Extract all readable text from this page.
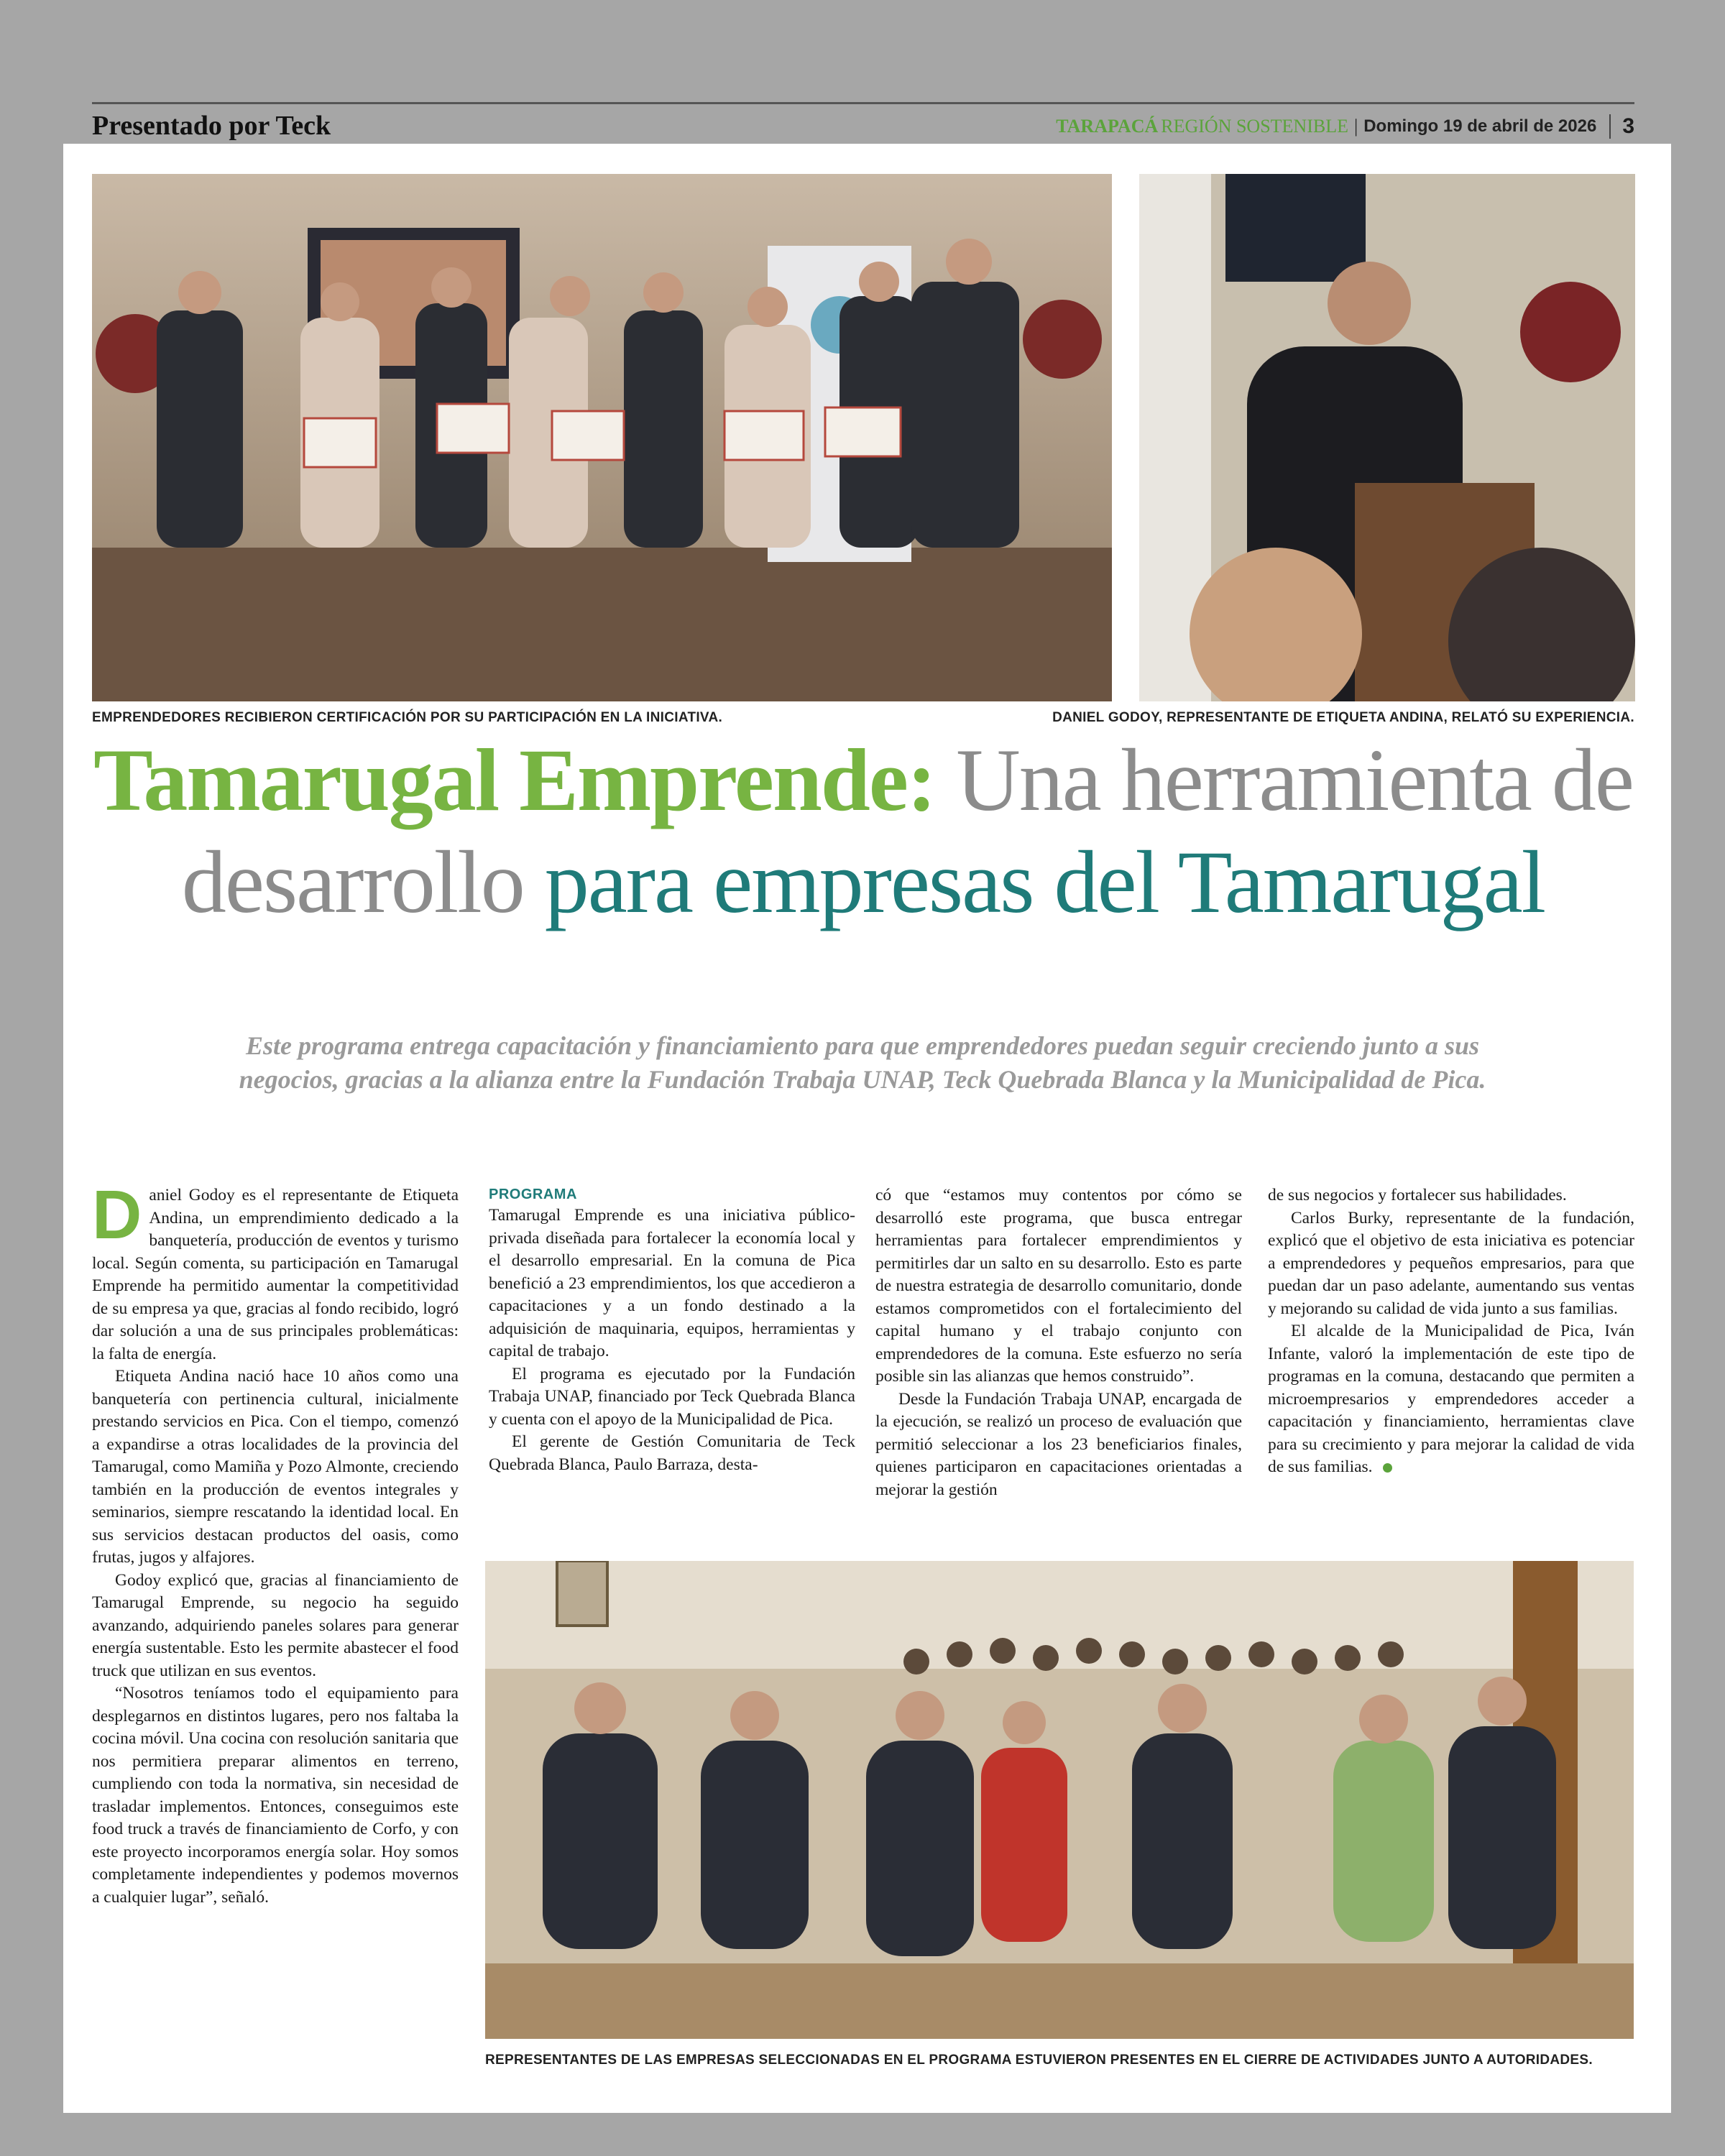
Presentado por Teck	TARAPACÁ REGIÓN SOSTENIBLE | Domingo 19 de abril de 2026	3
EMPRENDEDORES RECIBIERON CERTIFICACIÓN POR SU PARTICIPACIÓN EN LA INICIATIVA.	DANIEL GODOY, REPRESENTANTE DE ETIQUETA ANDINA, RELATÓ SU EXPERIENCIA.
Tamarugal Emprende: Una herramienta de desarrollo para empresas del Tamarugal
Este programa entrega capacitación y financiamiento para que emprendedores puedan seguir creciendo junto a sus negocios, gracias a la alianza entre la Fundación Trabaja UNAP, Teck Quebrada Blanca y la Municipalidad de Pica.

Daniel Godoy es el representante de Etiqueta Andina, un emprendimiento dedicado a la banquetería, producción de eventos y turismo local. Según comenta, su participación en Tamarugal Emprende ha permitido aumentar la competitividad de su empresa ya que, gracias al fondo recibido, logró dar solución a una de sus principales problemáticas: la falta de energía.

Etiqueta Andina nació hace 10 años como una banquetería con pertinencia cultural, inicialmente prestando servicios en Pica. Con el tiempo, comenzó a expandirse a otras localidades de la provincia del Tamarugal, como Mamiña y Pozo Almonte, creciendo también en la producción de eventos integrales y seminarios, siempre rescatando la identidad local. En sus servicios destacan productos del oasis, como frutas, jugos y alfajores.

Godoy explicó que, gracias al financiamiento de Tamarugal Emprende, su negocio ha seguido avanzando, adquiriendo paneles solares para generar energía sustentable. Esto les permite abastecer el food truck que utilizan en sus eventos.

“Nosotros teníamos todo el equipamiento para desplegarnos en distintos lugares, pero nos faltaba la cocina móvil. Una cocina con resolución sanitaria que nos permitiera preparar alimentos en terreno, cumpliendo con toda la normativa, sin necesidad de trasladar implementos. Entonces, conseguimos este food truck a través de financiamiento de Corfo, y con este proyecto incorporamos energía solar. Hoy somos completamente independientes y podemos movernos a cualquier lugar”, señaló.

PROGRAMA

Tamarugal Emprende es una iniciativa público-privada diseñada para fortalecer la economía local y el desarrollo empresarial. En la comuna de Pica benefició a 23 emprendimientos, los que accedieron a capacitaciones y a un fondo destinado a la adquisición de maquinaria, equipos, herramientas y capital de trabajo.

El programa es ejecutado por la Fundación Trabaja UNAP, financiado por Teck Quebrada Blanca y cuenta con el apoyo de la Municipalidad de Pica.

El gerente de Gestión Comunitaria de Teck Quebrada Blanca, Paulo Barraza, desta-

có que “estamos muy contentos por cómo se desarrolló este programa, que busca entregar herramientas para fortalecer emprendimientos y permitirles dar un salto en su desarrollo. Esto es parte de nuestra estrategia de desarrollo comunitario, donde estamos comprometidos con el fortalecimiento del capital humano y el trabajo conjunto con emprendedores de la comuna. Este esfuerzo no sería posible sin las alianzas que hemos construido”.

Desde la Fundación Trabaja UNAP, encargada de la ejecución, se realizó un proceso de evaluación que permitió seleccionar a los 23 beneficiarios finales, quienes participaron en capacitaciones orientadas a mejorar la gestión

de sus negocios y fortalecer sus habilidades.

Carlos Burky, representante de la fundación, explicó que el objetivo de esta iniciativa es potenciar a emprendedores y pequeños empresarios, para que puedan dar un paso adelante, aumentando sus ventas y mejorando su calidad de vida junto a sus familias.

El alcalde de la Municipalidad de Pica, Iván Infante, valoró la implementación de este tipo de programas en la comuna, destacando que permiten a microempresarios y emprendedores acceder a capacitación y financiamiento, herramientas clave para su crecimiento y para mejorar la calidad de vida de sus familias.

REPRESENTANTES DE LAS EMPRESAS SELECCIONADAS EN EL PROGRAMA ESTUVIERON PRESENTES EN EL CIERRE DE ACTIVIDADES JUNTO A AUTORIDADES.
